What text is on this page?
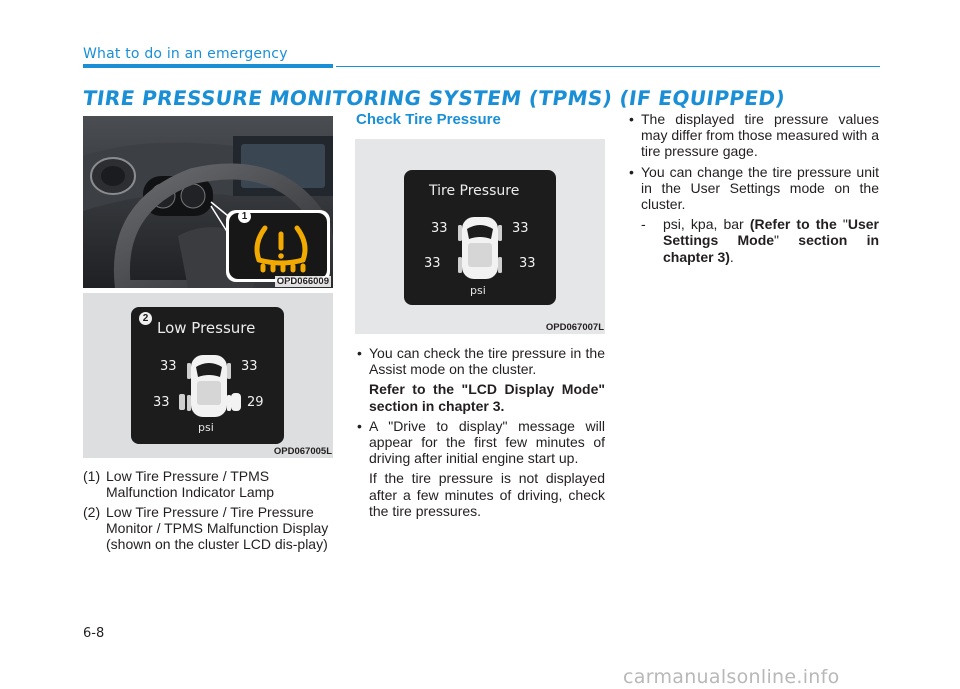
What to do in an emergency
TIRE PRESSURE MONITORING SYSTEM (TPMS) (IF EQUIPPED)
1
OPD066009
2
Low Pressure
33	33
33	29
psi
OPD067005L
(1) Low Tire Pressure / TPMS Malfunction Indicator Lamp
(2) Low Tire Pressure / Tire Pressure Monitor / TPMS Malfunction Display (shown on the cluster LCD dis-play)
Check Tire Pressure
Tire Pressure
33	33
33	33
psi
OPD067007L
• You can check the tire pressure in the Assist mode on the cluster.
Refer to the "LCD Display Mode" section in chapter 3.
• A "Drive to display" message will appear for the first few minutes of driving after initial engine start up.
If the tire pressure is not displayed after a few minutes of driving, check the tire pressures.
• The displayed tire pressure values may differ from those measured with a tire pressure gage.
• You can change the tire pressure unit in the User Settings mode on the cluster.
- psi, kpa, bar (Refer to the "User Settings Mode" section in chapter 3).
6-8
carmanualsonline.info
